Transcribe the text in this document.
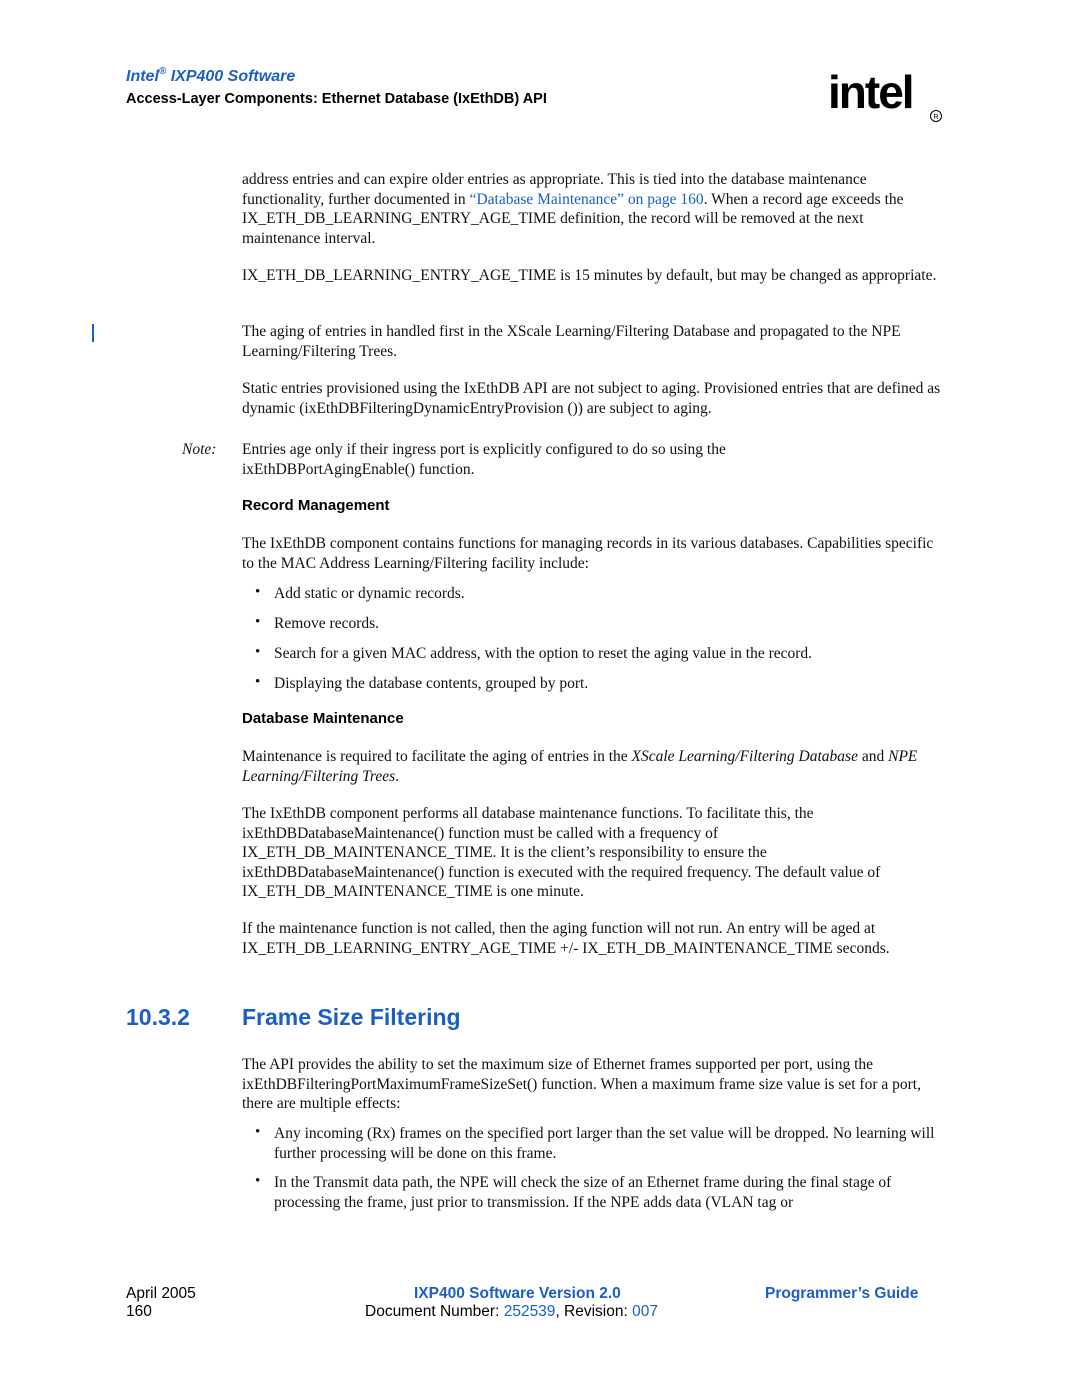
Intel® IXP400 Software
Access-Layer Components: Ethernet Database (IxEthDB) API	intel	R
address entries and can expire older entries as appropriate. This is tied into the database maintenance functionality, further documented in “Database Maintenance” on page 160. When a record age exceeds the IX_ETH_DB_LEARNING_ENTRY_AGE_TIME definition, the record will be removed at the next maintenance interval.
IX_ETH_DB_LEARNING_ENTRY_AGE_TIME is 15 minutes by default, but may be changed as appropriate.
The aging of entries in handled first in the XScale Learning/Filtering Database and propagated to the NPE Learning/Filtering Trees.
Static entries provisioned using the IxEthDB API are not subject to aging. Provisioned entries that are defined as dynamic (ixEthDBFilteringDynamicEntryProvision ()) are subject to aging.
Note: Entries age only if their ingress port is explicitly configured to do so using the ixEthDBPortAgingEnable() function.
Record Management
The IxEthDB component contains functions for managing records in its various databases. Capabilities specific to the MAC Address Learning/Filtering facility include:
• Add static or dynamic records.
• Remove records.
• Search for a given MAC address, with the option to reset the aging value in the record.
• Displaying the database contents, grouped by port.
Database Maintenance
Maintenance is required to facilitate the aging of entries in the XScale Learning/Filtering Database and NPE Learning/Filtering Trees.
The IxEthDB component performs all database maintenance functions. To facilitate this, the ixEthDBDatabaseMaintenance() function must be called with a frequency of IX_ETH_DB_MAINTENANCE_TIME. It is the client’s responsibility to ensure the ixEthDBDatabaseMaintenance() function is executed with the required frequency. The default value of IX_ETH_DB_MAINTENANCE_TIME is one minute.
If the maintenance function is not called, then the aging function will not run. An entry will be aged at IX_ETH_DB_LEARNING_ENTRY_AGE_TIME +/- IX_ETH_DB_MAINTENANCE_TIME seconds.
10.3.2 Frame Size Filtering
The API provides the ability to set the maximum size of Ethernet frames supported per port, using the ixEthDBFilteringPortMaximumFrameSizeSet() function. When a maximum frame size value is set for a port, there are multiple effects:
• Any incoming (Rx) frames on the specified port larger than the set value will be dropped. No learning will further processing will be done on this frame.
• In the Transmit data path, the NPE will check the size of an Ethernet frame during the final stage of processing the frame, just prior to transmission. If the NPE adds data (VLAN tag or
April 2005
160
IXP400 Software Version 2.0
Document Number: 252539, Revision: 007
Programmer’s Guide
